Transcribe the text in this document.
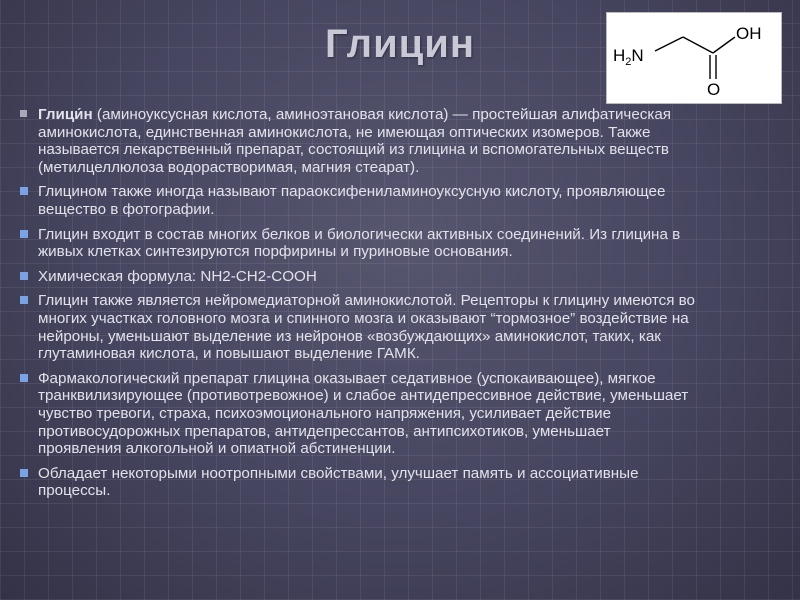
Глицин	$H_2N$
OH
O
Глици́н (аминоуксусная кислота, аминоэтановая кислота) — простейшая алифатическая аминокислота, единственная аминокислота, не имеющая оптических изомеров. Также называется лекарственный препарат, состоящий из глицина и вспомогательных веществ (метилцеллюлоза водорастворимая, магния стеарат).
Глицином также иногда называют параоксифениламиноуксусную кислоту, проявляющее вещество в фотографии.
Глицин входит в состав многих белков и биологически активных соединений. Из глицина в живых клетках синтезируются порфирины и пуриновые основания.
Химическая формула: NH2-CH2-COOH
Глицин также является нейромедиаторной аминокислотой. Рецепторы к глицину имеются во многих участках головного мозга и спинного мозга и оказывают “тормозное” воздействие на нейроны, уменьшают выделение из нейронов «возбуждающих» аминокислот, таких, как глутаминовая кислота, и повышают выделение ГАМК.
Фармакологический препарат глицина оказывает седативное (успокаивающее), мягкое транквилизирующее (противотревожное) и слабое антидепрессивное действие, уменьшает чувство тревоги, страха, психоэмоционального напряжения, усиливает действие противосудорожных препаратов, антидепрессантов, антипсихотиков, уменьшает проявления алкогольной и опиатной абстиненции.
Обладает некоторыми ноотропными свойствами, улучшает память и ассоциативные процессы.
